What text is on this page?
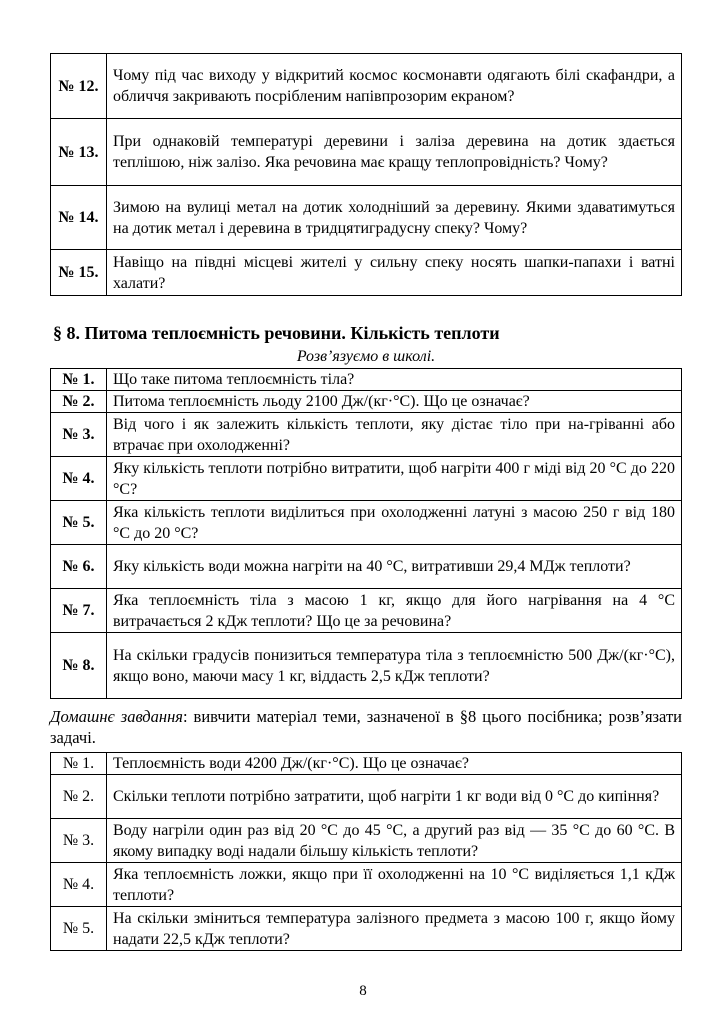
№ 12.	Чому під час виходу у відкритий космос космонавти одягають білі скафандри, а обличчя закривають посрібленим напівпрозорим екраном?
№ 13.	При однаковій температурі деревини і заліза деревина на дотик здається теплішою, ніж залізо. Яка речовина має кращу теплопровідність? Чому?
№ 14.	Зимою на вулиці метал на дотик холодніший за деревину. Якими здаватимуться на дотик метал і деревина в тридцятиградусну спеку? Чому?
№ 15.	Навіщо на півдні місцеві жителі у сильну спеку носять шапки-папахи і ватні халати?
§ 8. Питома теплоємність речовини. Кількість теплоти
Розв’язуємо в школі.
№ 1.	Що таке питома теплоємність тіла?
№ 2.	Питома теплоємність льоду 2100 Дж/(кг·°С). Що це означає?
№ 3.	Від чого і як залежить кількість теплоти, яку дістає тіло при на-грiванні або втрачає при охолодженні?
№ 4.	Яку кількість теплоти потрібно витратити, щоб нагріти 400 г міді від 20 °С до 220 °С?
№ 5.	Яка кількість теплоти виділиться при охолодженні латуні з масою 250 г від 180 °С до 20 °С?
№ 6.	Яку кількість води можна нагріти на 40 °С, витративши 29,4 МДж теплоти?
№ 7.	Яка теплоємність тіла з масою 1 кг, якщо для його нагрівання на 4 °С витрачається 2 кДж теплоти? Що це за речовина?
№ 8.	На скільки градусів понизиться температура тіла з теплоємністю 500 Дж/(кг·°С), якщо воно, маючи масу 1 кг, віддасть 2,5 кДж теплоти?
Домашнє завдання: вивчити матеріал теми, зазначеної в §8 цього посібника; розв’язати задачі.
№ 1.	Теплоємність води 4200 Дж/(кг·°С). Що це означає?
№ 2.	Скільки теплоти потрібно затратити, щоб нагріти 1 кг води від 0 °С до кипіння?
№ 3.	Воду нагріли один раз від 20 °С до 45 °С, а другий раз від — 35 °С до 60 °С. В якому випадку воді надали більшу кількість теплоти?
№ 4.	Яка теплоємність ложки, якщо при її охолодженні на 10 °С виділяється 1,1 кДж теплоти?
№ 5.	На скільки зміниться температура залізного предмета з масою 100 г, якщо йому надати 22,5 кДж теплоти?
8
